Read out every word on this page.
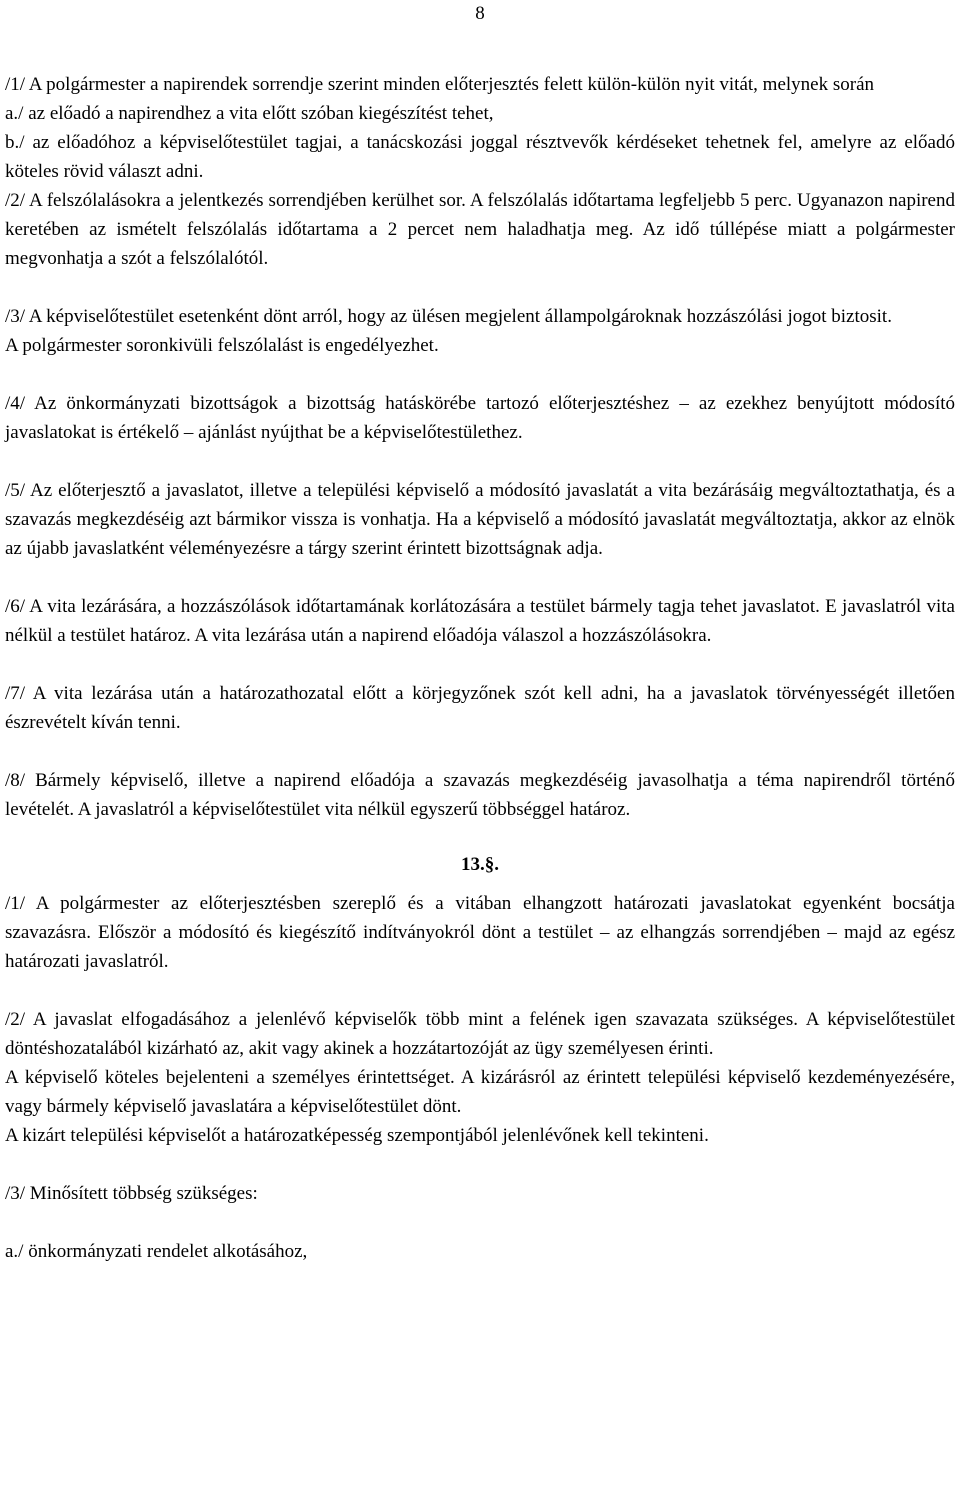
8

/1/ A polgármester a napirendek sorrendje szerint minden előterjesztés felett külön-külön nyit vitát, melynek során

a./ az előadó a napirendhez a vita előtt szóban kiegészítést tehet,

b./ az előadóhoz a képviselőtestület tagjai, a tanácskozási joggal résztvevők kérdéseket tehetnek fel, amelyre az előadó köteles rövid választ adni.

/2/ A felszólalásokra a jelentkezés sorrendjében kerülhet sor. A felszólalás időtartama legfeljebb 5 perc. Ugyanazon napirend keretében az ismételt felszólalás időtartama a 2 percet nem haladhatja meg. Az idő túllépése miatt a polgármester megvonhatja a szót a felszólalótól.

/3/ A képviselőtestület esetenként dönt arról, hogy az ülésen megjelent állampolgároknak hozzászólási jogot biztosit.

A polgármester soronkivüli felszólalást is engedélyezhet.

/4/ Az önkormányzati bizottságok a bizottság hatáskörébe tartozó előterjesztéshez – az ezekhez benyújtott módosító javaslatokat is értékelő – ajánlást nyújthat be a képviselőtestülethez.

/5/ Az előterjesztő a javaslatot, illetve a települési képviselő a módosító javaslatát a vita bezárásáig megváltoztathatja, és a szavazás megkezdéséig azt bármikor vissza is vonhatja. Ha a képviselő a módosító javaslatát megváltoztatja, akkor az elnök az újabb javaslatként véleményezésre a tárgy szerint érintett bizottságnak adja.

/6/ A vita lezárására, a hozzászólások időtartamának korlátozására a testület bármely tagja tehet javaslatot. E javaslatról vita nélkül a testület határoz. A vita lezárása után a napirend előadója válaszol a hozzászólásokra.

/7/ A vita lezárása után a határozathozatal előtt a körjegyzőnek szót kell adni, ha a javaslatok törvényességét illetően észrevételt kíván tenni.

/8/ Bármely képviselő, illetve a napirend előadója a szavazás megkezdéséig javasolhatja a téma napirendről történő levételét. A javaslatról a képviselőtestület vita nélkül egyszerű többséggel határoz.

13.§.

/1/ A polgármester az előterjesztésben szereplő és a vitában elhangzott határozati javaslatokat egyenként bocsátja szavazásra. Először a módosító és kiegészítő indítványokról dönt a testület – az elhangzás sorrendjében – majd az egész határozati javaslatról.

/2/ A javaslat elfogadásához a jelenlévő képviselők több mint a felének igen szavazata szükséges. A képviselőtestület döntéshozatalából kizárható az, akit vagy akinek a hozzátartozóját az ügy személyesen érinti.

A képviselő köteles bejelenteni a személyes érintettséget. A kizárásról az érintett települési képviselő kezdeményezésére, vagy bármely képviselő javaslatára a képviselőtestület dönt.

A kizárt települési képviselőt a határozatképesség szempontjából jelenlévőnek kell tekinteni.

/3/ Minősített többség szükséges:

a./ önkormányzati rendelet alkotásához,
